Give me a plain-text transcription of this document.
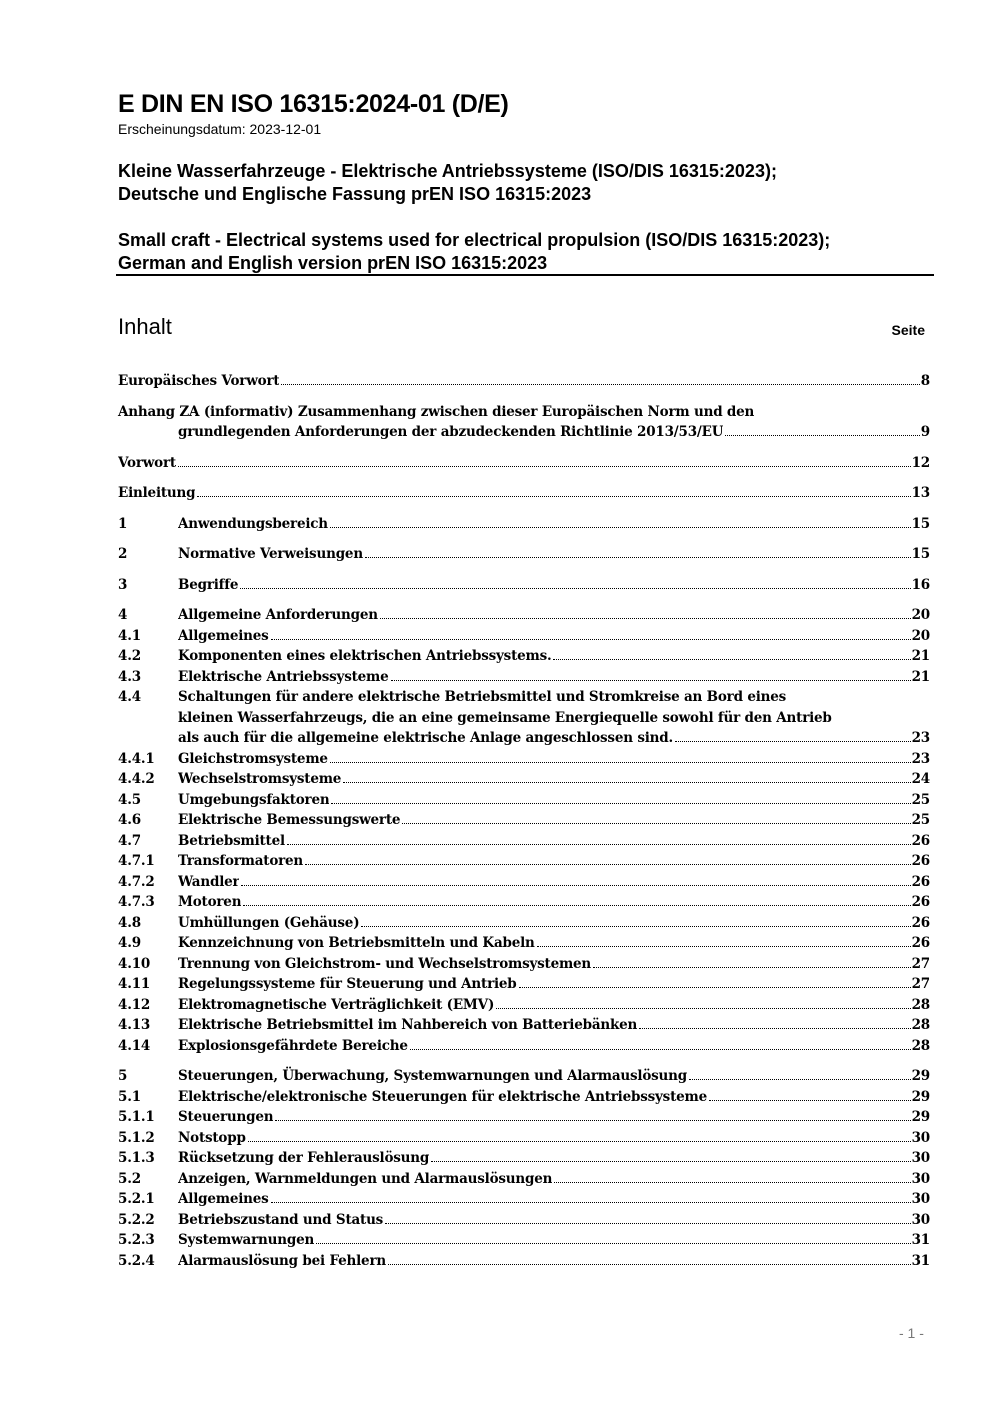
E DIN EN ISO 16315:2024-01 (D/E)
Erscheinungsdatum: 2023-12-01
Kleine Wasserfahrzeuge - Elektrische Antriebssysteme (ISO/DIS 16315:2023);
Deutsche und Englische Fassung prEN ISO 16315:2023
Small craft - Electrical systems used for electrical propulsion (ISO/DIS 16315:2023);
German and English version prEN ISO 16315:2023
Inhalt	Seite
Europäisches Vorwort	8
Anhang ZA (informativ) Zusammenhang zwischen dieser Europäischen Norm und den
grundlegenden Anforderungen der abzudeckenden Richtlinie 2013/53/EU	9
Vorwort	12
Einleitung	13
1	Anwendungsbereich	15
2	Normative Verweisungen	15
3	Begriffe	16
4	Allgemeine Anforderungen	20
4.1	Allgemeines	20
4.2	Komponenten eines elektrischen Antriebssystems.	21
4.3	Elektrische Antriebssysteme	21
4.4	Schaltungen für andere elektrische Betriebsmittel und Stromkreise an Bord eines
kleinen Wasserfahrzeugs, die an eine gemeinsame Energiequelle sowohl für den Antrieb
als auch für die allgemeine elektrische Anlage angeschlossen sind.	23
4.4.1	Gleichstromsysteme	23
4.4.2	Wechselstromsysteme	24
4.5	Umgebungsfaktoren	25
4.6	Elektrische Bemessungswerte	25
4.7	Betriebsmittel	26
4.7.1	Transformatoren	26
4.7.2	Wandler	26
4.7.3	Motoren	26
4.8	Umhüllungen (Gehäuse)	26
4.9	Kennzeichnung von Betriebsmitteln und Kabeln	26
4.10	Trennung von Gleichstrom- und Wechselstromsystemen	27
4.11	Regelungssysteme für Steuerung und Antrieb	27
4.12	Elektromagnetische Verträglichkeit (EMV)	28
4.13	Elektrische Betriebsmittel im Nahbereich von Batteriebänken	28
4.14	Explosionsgefährdete Bereiche	28
5	Steuerungen, Überwachung, Systemwarnungen und Alarmauslösung	29
5.1	Elektrische/elektronische Steuerungen für elektrische Antriebssysteme	29
5.1.1	Steuerungen	29
5.1.2	Notstopp	30
5.1.3	Rücksetzung der Fehlerauslösung	30
5.2	Anzeigen, Warnmeldungen und Alarmauslösungen	30
5.2.1	Allgemeines	30
5.2.2	Betriebszustand und Status	30
5.2.3	Systemwarnungen	31
5.2.4	Alarmauslösung bei Fehlern	31
- 1 -
